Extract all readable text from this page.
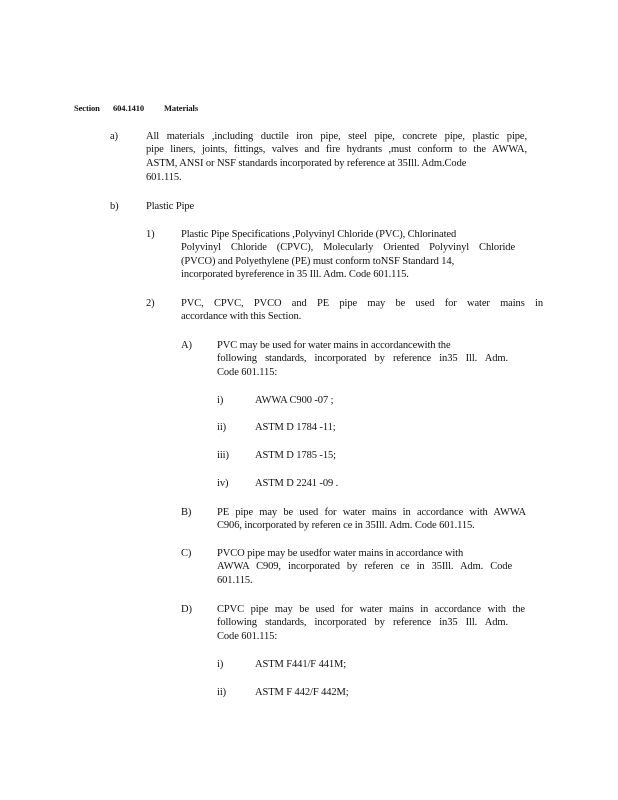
Section 604.1410 Materials
a)	All materials ,including ductile iron pipe, steel pipe, concrete pipe, plastic pipe,
pipe liners, joints, fittings, valves and fire hydrants ,must conform to the AWWA,
ASTM, ANSI or NSF standards incorporated by reference at 35Ill. Adm.Code
601.115.
b)	Plastic Pipe
1)	Plastic Pipe Specifications ,Polyvinyl Chloride (PVC), Chlorinated
Polyvinyl Chloride (CPVC), Molecularly Oriented Polyvinyl Chloride
(PVCO) and Polyethylene (PE) must conform toNSF Standard 14,
incorporated byreference in 35 Ill. Adm. Code 601.115.
2)	PVC, CPVC, PVCO and PE pipe may be used for water mains in
accordance with this Section.
A) PVC may be used for water mains in accordancewith the
following standards, incorporated by reference in35 Ill. Adm.
Code 601.115:
i)	AWWA C900 -07 ;
ii)	ASTM D 1784 -11;
iii) ASTM D 1785 -15;
iv)	ASTM D 2241 -09 .
B) PE pipe may be used for water mains in accordance with AWWA
C906, incorporated by referen ce in 35Ill. Adm. Code 601.115.
C) PVCO pipe may be usedfor water mains in accordance with
AWWA C909, incorporated by referen ce in 35Ill. Adm. Code
601.115.
D) CPVC pipe may be used for water mains in accordance with the
following standards, incorporated by reference in35 Ill. Adm.
Code 601.115:
i)	ASTM F441/F 441M;
ii)	ASTM F 442/F 442M;
